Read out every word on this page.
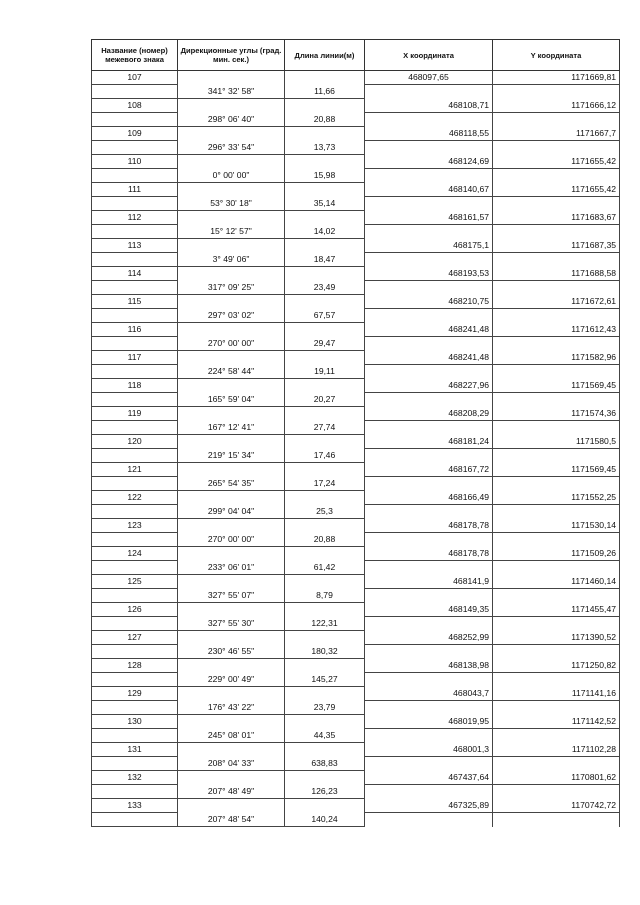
Название (номер) межевого знака	Дирекционные углы (град. мин. сек.)	Длина линии(м)	X координата	Y координата
107			468097,65	1171669,81
	341° 32' 58"	11,66		
108			468108,71	1171666,12
	298° 06' 40"	20,88		
109			468118,55	1171667,7
	296° 33' 54"	13,73		
110			468124,69	1171655,42
	0° 00' 00"	15,98		
111			468140,67	1171655,42
	53° 30' 18"	35,14		
112			468161,57	1171683,67
	15° 12' 57"	14,02		
113			468175,1	1171687,35
	3° 49' 06"	18,47		
114			468193,53	1171688,58
	317° 09' 25"	23,49		
115			468210,75	1171672,61
	297° 03' 02"	67,57		
116			468241,48	1171612,43
	270° 00' 00"	29,47		
117			468241,48	1171582,96
	224° 58' 44"	19,11		
118			468227,96	1171569,45
	165° 59' 04"	20,27		
119			468208,29	1171574,36
	167° 12' 41"	27,74		
120			468181,24	1171580,5
	219° 15' 34"	17,46		
121			468167,72	1171569,45
	265° 54' 35"	17,24		
122			468166,49	1171552,25
	299° 04' 04"	25,3		
123			468178,78	1171530,14
	270° 00' 00"	20,88		
124			468178,78	1171509,26
	233° 06' 01"	61,42		
125			468141,9	1171460,14
	327° 55' 07"	8,79		
126			468149,35	1171455,47
	327° 55' 30"	122,31		
127			468252,99	1171390,52
	230° 46' 55"	180,32		
128			468138,98	1171250,82
	229° 00' 49"	145,27		
129			468043,7	1171141,16
	176° 43' 22"	23,79		
130			468019,95	1171142,52
	245° 08' 01"	44,35		
131			468001,3	1171102,28
	208° 04' 33"	638,83		
132			467437,64	1170801,62
	207° 48' 49"	126,23		
133			467325,89	1170742,72
	207° 48' 54"	140,24		
